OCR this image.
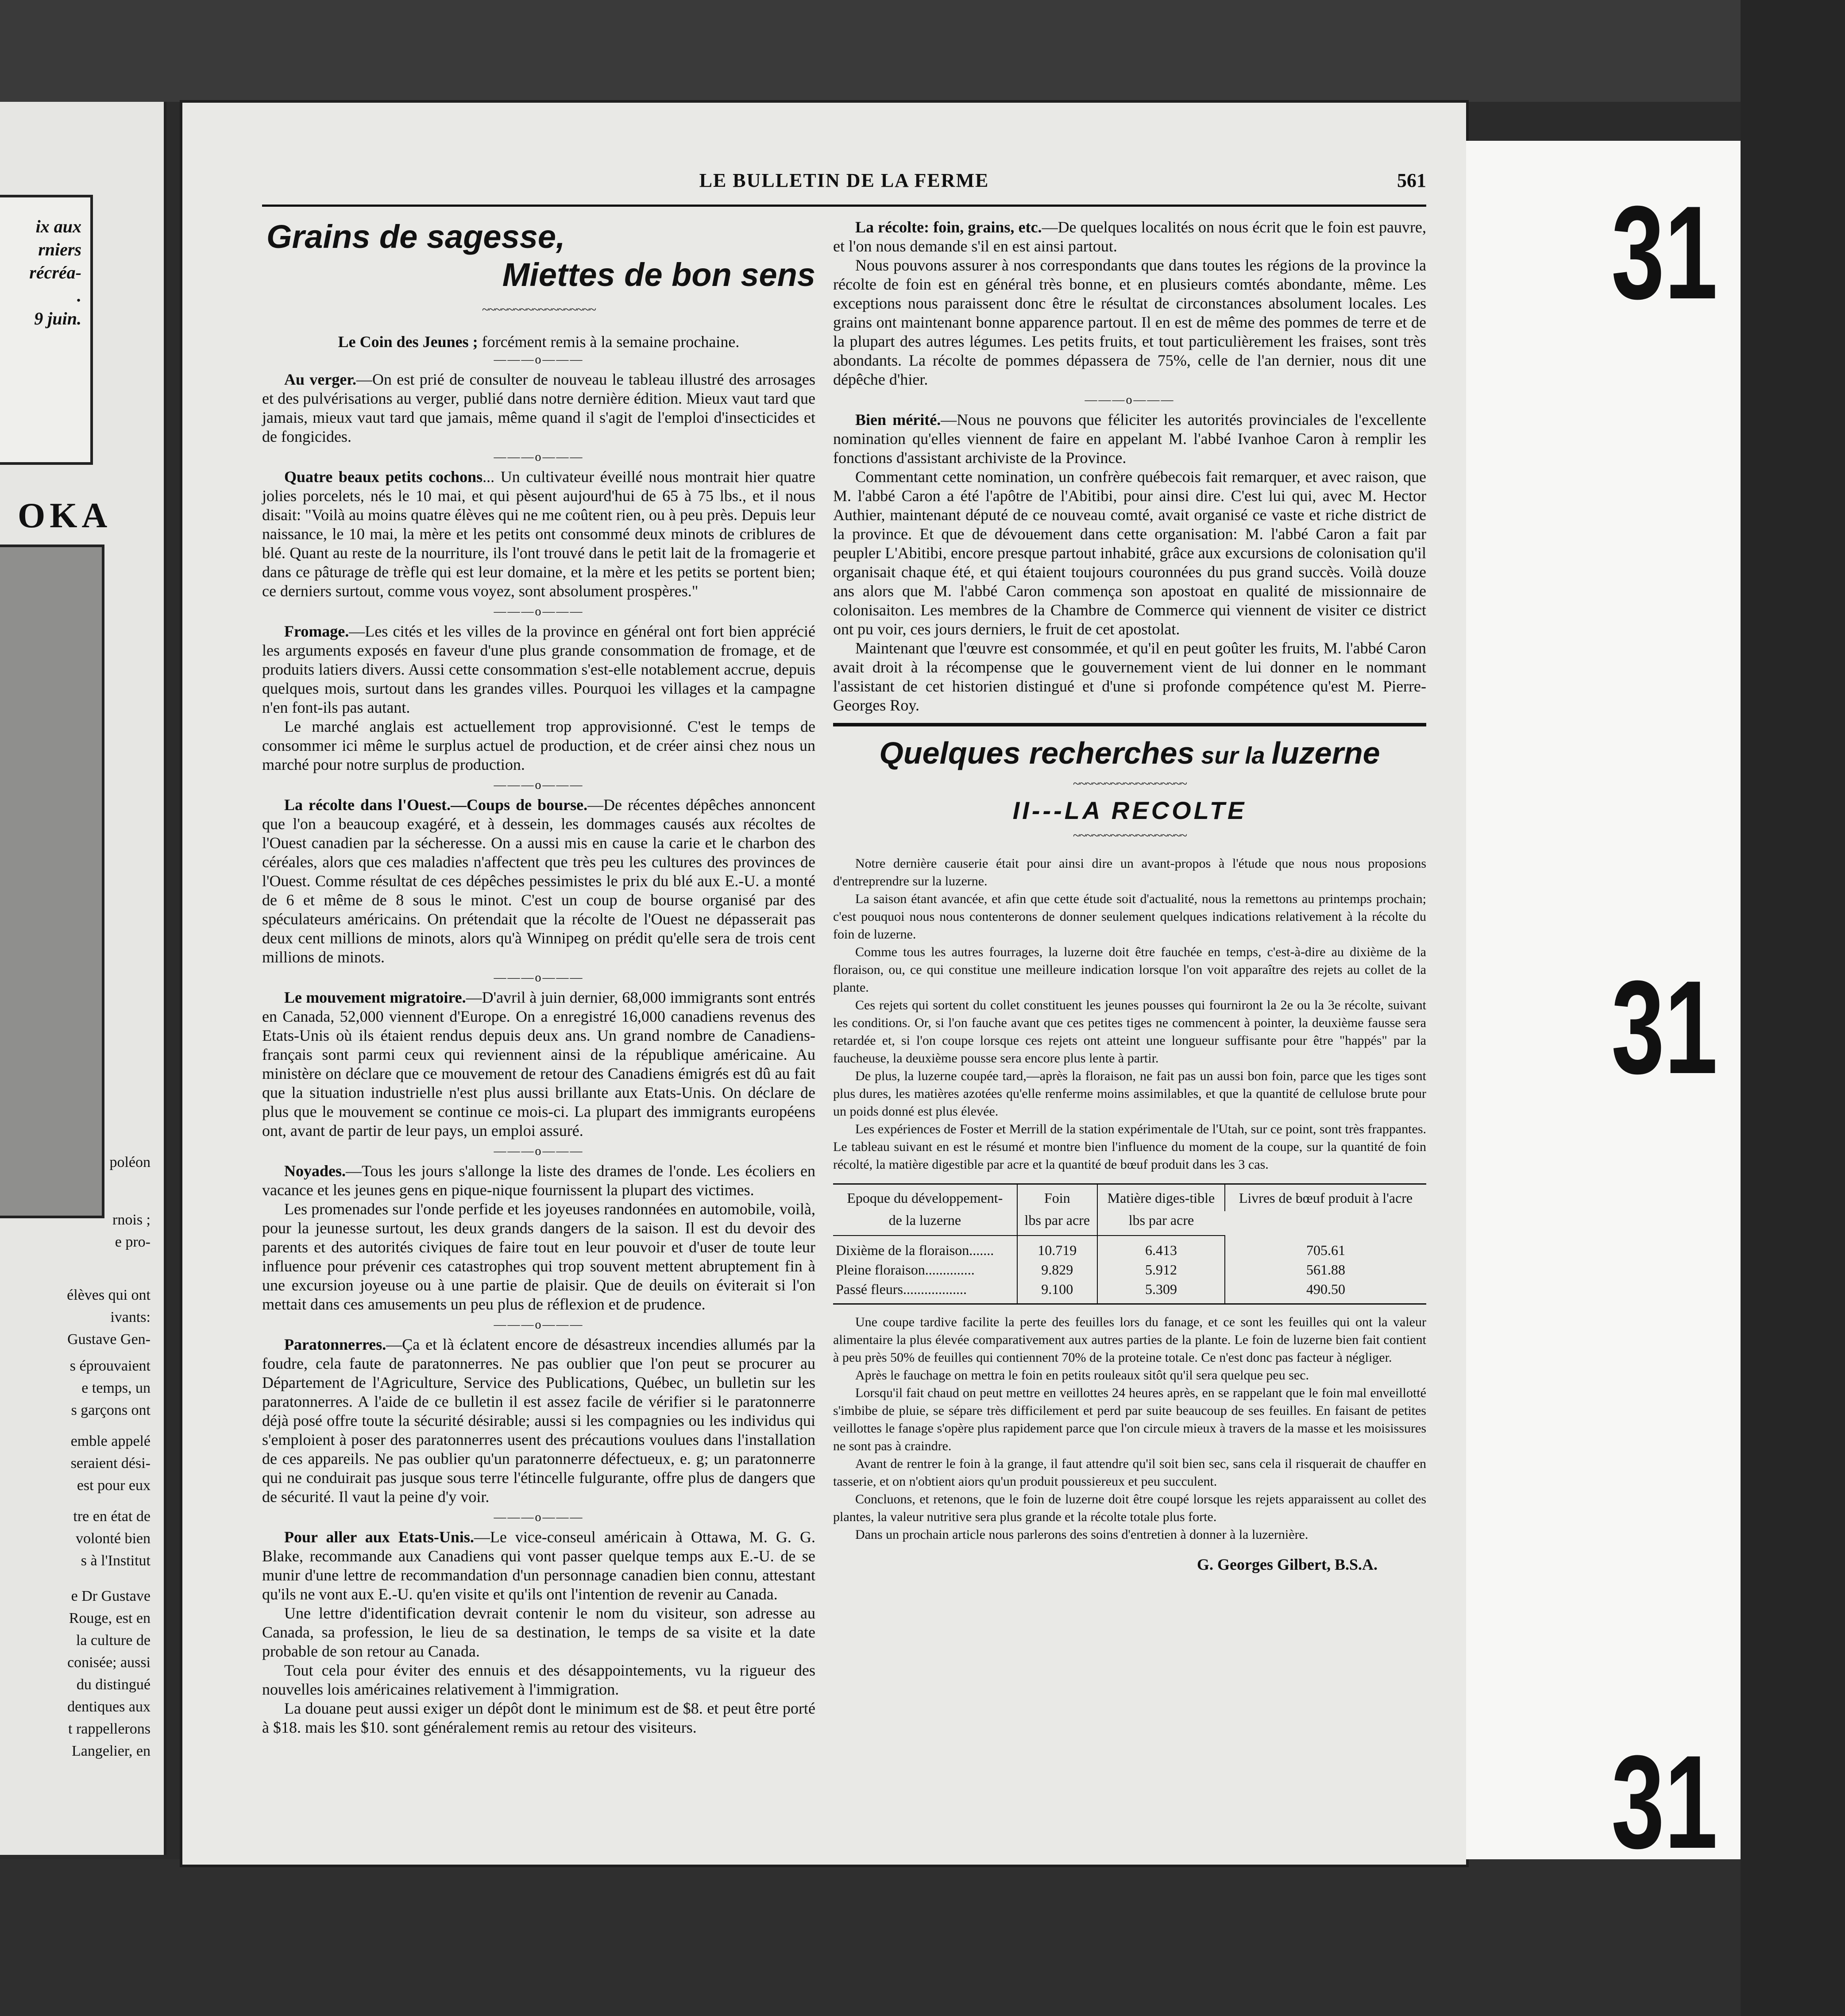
ix aux
rniers
récréa-
.
9 juin.
OKA
poléon
rnois ;
e pro-
élèves qui ont
ivants:
Gustave Gen-
s éprouvaient
e temps, un
s garçons ont
emble appelé
seraient dési-
est pour eux
tre en état de
volonté bien
s à l'Institut
e Dr Gustave
Rouge, est en
la culture de
conisée; aussi
du distingué
dentiques aux
t rappellerons
Langelier, en
LE BULLETIN DE LA FERME	561
Grains de sagesse,
Miettes de bon sens
~~~~~~~~~~~~~~~~~~

Le Coin des Jeunes ; forcément remis à la semaine prochaine.

———o———

Au verger.—On est prié de consulter de nouveau le tableau illustré des arrosages et des pulvérisations au verger, publié dans notre dernière édition. Mieux vaut tard que jamais, mieux vaut tard que jamais, même quand il s'agit de l'emploi d'insecticides et de fongicides.

———o———

Quatre beaux petits cochons... Un cultivateur éveillé nous montrait hier quatre jolies porcelets, nés le 10 mai, et qui pèsent aujourd'hui de 65 à 75 lbs., et il nous disait: "Voilà au moins quatre élèves qui ne me coûtent rien, ou à peu près. Depuis leur naissance, le 10 mai, la mère et les petits ont consommé deux minots de criblures de blé. Quant au reste de la nourriture, ils l'ont trouvé dans le petit lait de la fromagerie et dans ce pâturage de trèfle qui est leur domaine, et la mère et les petits se portent bien; ce derniers surtout, comme vous voyez, sont absolument prospères."

———o———

Fromage.—Les cités et les villes de la province en général ont fort bien apprécié les arguments exposés en faveur d'une plus grande consommation de fromage, et de produits latiers divers. Aussi cette consommation s'est-elle notablement accrue, depuis quelques mois, surtout dans les grandes villes. Pourquoi les villages et la campagne n'en font-ils pas autant.

Le marché anglais est actuellement trop approvisionné. C'est le temps de consommer ici même le surplus actuel de production, et de créer ainsi chez nous un marché pour notre surplus de production.

———o———

La récolte dans l'Ouest.—Coups de bourse.—De récentes dépêches annoncent que l'on a beaucoup exagéré, et à dessein, les dommages causés aux récoltes de l'Ouest canadien par la sécheresse. On a aussi mis en cause la carie et le charbon des céréales, alors que ces maladies n'affectent que très peu les cultures des provinces de l'Ouest. Comme résultat de ces dépêches pessimistes le prix du blé aux E.-U. a monté de 6 et même de 8 sous le minot. C'est un coup de bourse organisé par des spéculateurs américains. On prétendait que la récolte de l'Ouest ne dépasserait pas deux cent millions de minots, alors qu'à Winnipeg on prédit qu'elle sera de trois cent millions de minots.

———o———

Le mouvement migratoire.—D'avril à juin dernier, 68,000 immigrants sont entrés en Canada, 52,000 viennent d'Europe. On a enregistré 16,000 canadiens revenus des Etats-Unis où ils étaient rendus depuis deux ans. Un grand nombre de Canadiens-français sont parmi ceux qui reviennent ainsi de la république américaine. Au ministère on déclare que ce mouvement de retour des Canadiens émigrés est dû au fait que la situation industrielle n'est plus aussi brillante aux Etats-Unis. On déclare de plus que le mouvement se continue ce mois-ci. La plupart des immigrants européens ont, avant de partir de leur pays, un emploi assuré.

———o———

Noyades.—Tous les jours s'allonge la liste des drames de l'onde. Les écoliers en vacance et les jeunes gens en pique-nique fournissent la plupart des victimes.

Les promenades sur l'onde perfide et les joyeuses randonnées en automobile, voilà, pour la jeunesse surtout, les deux grands dangers de la saison. Il est du devoir des parents et des autorités civiques de faire tout en leur pouvoir et d'user de toute leur influence pour prévenir ces catastrophes qui trop souvent mettent abruptement fin à une excursion joyeuse ou à une partie de plaisir. Que de deuils on éviterait si l'on mettait dans ces amusements un peu plus de réflexion et de prudence.

———o———

Paratonnerres.—Ça et là éclatent encore de désastreux incendies allumés par la foudre, cela faute de paratonnerres. Ne pas oublier que l'on peut se procurer au Département de l'Agriculture, Service des Publications, Québec, un bulletin sur les paratonnerres. A l'aide de ce bulletin il est assez facile de vérifier si le paratonnerre déjà posé offre toute la sécurité désirable; aussi si les compagnies ou les individus qui s'emploient à poser des paratonnerres usent des précautions voulues dans l'installation de ces appareils. Ne pas oublier qu'un paratonnerre défectueux, e. g; un paratonnerre qui ne conduirait pas jusque sous terre l'étincelle fulgurante, offre plus de dangers que de sécurité. Il vaut la peine d'y voir.

———o———

Pour aller aux Etats-Unis.—Le vice-conseul américain à Ottawa, M. G. G. Blake, recommande aux Canadiens qui vont passer quelque temps aux E.-U. de se munir d'une lettre de recommandation d'un personnage canadien bien connu, attestant qu'ils ne vont aux E.-U. qu'en visite et qu'ils ont l'intention de revenir au Canada.

Une lettre d'identification devrait contenir le nom du visiteur, son adresse au Canada, sa profession, le lieu de sa destination, le temps de sa visite et la date probable de son retour au Canada.

Tout cela pour éviter des ennuis et des désappointements, vu la rigueur des nouvelles lois américaines relativement à l'immigration.

La douane peut aussi exiger un dépôt dont le minimum est de $8. et peut être porté à $18. mais les $10. sont généralement remis au retour des visiteurs.

La récolte: foin, grains, etc.—De quelques localités on nous écrit que le foin est pauvre, et l'on nous demande s'il en est ainsi partout.

Nous pouvons assurer à nos correspondants que dans toutes les régions de la province la récolte de foin est en général très bonne, et en plusieurs comtés abondante, même. Les exceptions nous paraissent donc être le résultat de circonstances absolument locales. Les grains ont maintenant bonne apparence partout. Il en est de même des pommes de terre et de la plupart des autres légumes. Les petits fruits, et tout particulièrement les fraises, sont très abondants. La récolte de pommes dépassera de 75%, celle de l'an dernier, nous dit une dépêche d'hier.

———o———

Bien mérité.—Nous ne pouvons que féliciter les autorités provinciales de l'excellente nomination qu'elles viennent de faire en appelant M. l'abbé Ivanhoe Caron à remplir les fonctions d'assistant archiviste de la Province.

Commentant cette nomination, un confrère québecois fait remarquer, et avec raison, que M. l'abbé Caron a été l'apôtre de l'Abitibi, pour ainsi dire. C'est lui qui, avec M. Hector Authier, maintenant député de ce nouveau comté, avait organisé ce vaste et riche district de la province. Et que de dévouement dans cette organisation: M. l'abbé Caron a fait par peupler L'Abitibi, encore presque partout inhabité, grâce aux excursions de colonisation qu'il organisait chaque été, et qui étaient toujours couronnées du pus grand succès. Voilà douze ans alors que M. l'abbé Caron commença son apostoat en qualité de missionnaire de colonisaiton. Les membres de la Chambre de Commerce qui viennent de visiter ce district ont pu voir, ces jours derniers, le fruit de cet apostolat.

Maintenant que l'œuvre est consommée, et qu'il en peut goûter les fruits, M. l'abbé Caron avait droit à la récompense que le gouvernement vient de lui donner en le nommant l'assistant de cet historien distingué et d'une si profonde compétence qu'est M. Pierre-Georges Roy.

Quelques recherches sur la luzerne
~~~~~~~~~~~~~~~~~~
II---LA RECOLTE
~~~~~~~~~~~~~~~~~~

Notre dernière causerie était pour ainsi dire un avant-propos à l'étude que nous nous proposions d'entreprendre sur la luzerne.

La saison étant avancée, et afin que cette étude soit d'actualité, nous la remettons au printemps prochain; c'est pouquoi nous nous contenterons de donner seulement quelques indications relativement à la récolte du foin de luzerne.

Comme tous les autres fourrages, la luzerne doit être fauchée en temps, c'est-à-dire au dixième de la floraison, ou, ce qui constitue une meilleure indication lorsque l'on voit apparaître des rejets au collet de la plante.

Ces rejets qui sortent du collet constituent les jeunes pousses qui fourniront la 2e ou la 3e récolte, suivant les conditions. Or, si l'on fauche avant que ces petites tiges ne commencent à pointer, la deuxième fausse sera retardée et, si l'on coupe lorsque ces rejets ont atteint une longueur suffisante pour être "happés" par la faucheuse, la deuxième pousse sera encore plus lente à partir.

De plus, la luzerne coupée tard,—après la floraison, ne fait pas un aussi bon foin, parce que les tiges sont plus dures, les matières azotées qu'elle renferme moins assimilables, et que la quantité de cellulose brute pour un poids donné est plus élevée.

Les expériences de Foster et Merrill de la station expérimentale de l'Utah, sur ce point, sont très frappantes. Le tableau suivant en est le résumé et montre bien l'influence du moment de la coupe, sur la quantité de foin récolté, la matière digestible par acre et la quantité de bœuf produit dans les 3 cas.

Epoque du développement-	Foin	Matière diges-tible	Livres de bœuf produit à l'acre
de la luzerne	lbs par acre	lbs par acre	
Dixième de la floraison.......	10.719	6.413	705.61
Pleine floraison..............	9.829	5.912	561.88
Passé fleurs..................	9.100	5.309	490.50

Une coupe tardive facilite la perte des feuilles lors du fanage, et ce sont les feuilles qui ont la valeur alimentaire la plus élevée comparativement aux autres parties de la plante. Le foin de luzerne bien fait contient à peu près 50% de feuilles qui contiennent 70% de la proteine totale. Ce n'est donc pas facteur à négliger.

Après le fauchage on mettra le foin en petits rouleaux sitôt qu'il sera quelque peu sec.

Lorsqu'il fait chaud on peut mettre en veillottes 24 heures après, en se rappelant que le foin mal enveillotté s'imbibe de pluie, se sépare très difficilement et perd par suite beaucoup de ses feuilles. En faisant de petites veillottes le fanage s'opère plus rapidement parce que l'on circule mieux à travers de la masse et les moisissures ne sont pas à craindre.

Avant de rentrer le foin à la grange, il faut attendre qu'il soit bien sec, sans cela il risquerait de chauffer en tasserie, et on n'obtient aiors qu'un produit poussiereux et peu succulent.

Concluons, et retenons, que le foin de luzerne doit être coupé lorsque les rejets apparaissent au collet des plantes, la valeur nutritive sera plus grande et la récolte totale plus forte.

Dans un prochain article nous parlerons des soins d'entretien à donner à la luzernière.

G. Georges Gilbert, B.S.A.
31
31
31
